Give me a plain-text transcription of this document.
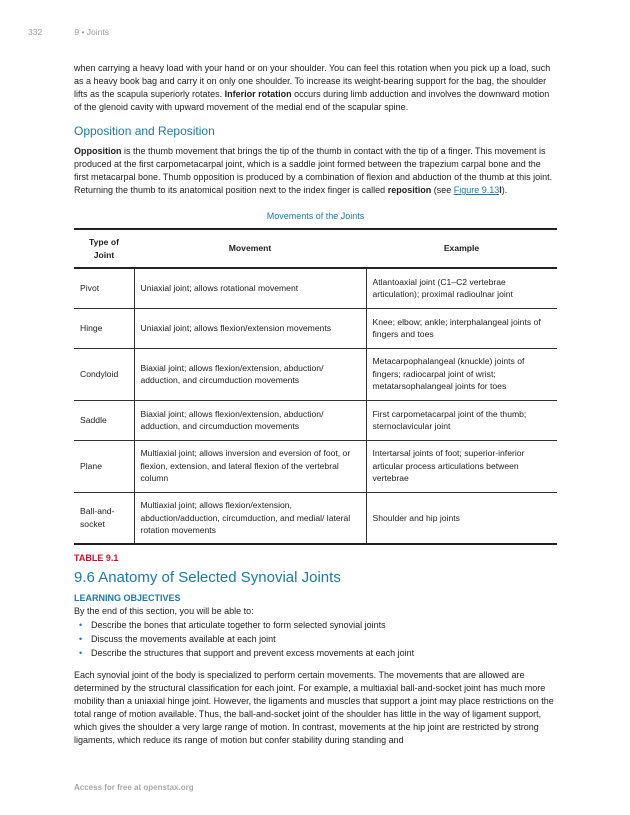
332	9 • Joints

when carrying a heavy load with your hand or on your shoulder. You can feel this rotation when you pick up a load, such as a heavy book bag and carry it on only one shoulder. To increase its weight-bearing support for the bag, the shoulder lifts as the scapula superiorly rotates. Inferior rotation occurs during limb adduction and involves the downward motion of the glenoid cavity with upward movement of the medial end of the scapular spine.

Opposition and Reposition

Opposition is the thumb movement that brings the tip of the thumb in contact with the tip of a finger. This movement is produced at the first carpometacarpal joint, which is a saddle joint formed between the trapezium carpal bone and the first metacarpal bone. Thumb opposition is produced by a combination of flexion and abduction of the thumb at this joint. Returning the thumb to its anatomical position next to the index finger is called reposition (see Figure 9.13l).

Movements of the Joints
Type of Joint	Movement	Example
Pivot	Uniaxial joint; allows rotational movement	Atlantoaxial joint (C1–C2 vertebrae articulation); proximal radioulnar joint
Hinge	Uniaxial joint; allows flexion/extension movements	Knee; elbow; ankle; interphalangeal joints of fingers and toes
Condyloid	Biaxial joint; allows flexion/extension, abduction/ adduction, and circumduction movements	Metacarpophalangeal (knuckle) joints of fingers; radiocarpal joint of wrist; metatarsophalangeal joints for toes
Saddle	Biaxial joint; allows flexion/extension, abduction/ adduction, and circumduction movements	First carpometacarpal joint of the thumb; sternoclavicular joint
Plane	Multiaxial joint; allows inversion and eversion of foot, or flexion, extension, and lateral flexion of the vertebral column	Intertarsal joints of foot; superior-inferior articular process articulations between vertebrae
Ball-and-socket	Multiaxial joint; allows flexion/extension, abduction/adduction, circumduction, and medial/ lateral rotation movements	Shoulder and hip joints
TABLE 9.1
9.6 Anatomy of Selected Synovial Joints
LEARNING OBJECTIVES

By the end of this section, you will be able to:

• Describe the bones that articulate together to form selected synovial joints
• Discuss the movements available at each joint
• Describe the structures that support and prevent excess movements at each joint

Each synovial joint of the body is specialized to perform certain movements. The movements that are allowed are determined by the structural classification for each joint. For example, a multiaxial ball-and-socket joint has much more mobility than a uniaxial hinge joint. However, the ligaments and muscles that support a joint may place restrictions on the total range of motion available. Thus, the ball-and-socket joint of the shoulder has little in the way of ligament support, which gives the shoulder a very large range of motion. In contrast, movements at the hip joint are restricted by strong ligaments, which reduce its range of motion but confer stability during standing and

Access for free at openstax.org
